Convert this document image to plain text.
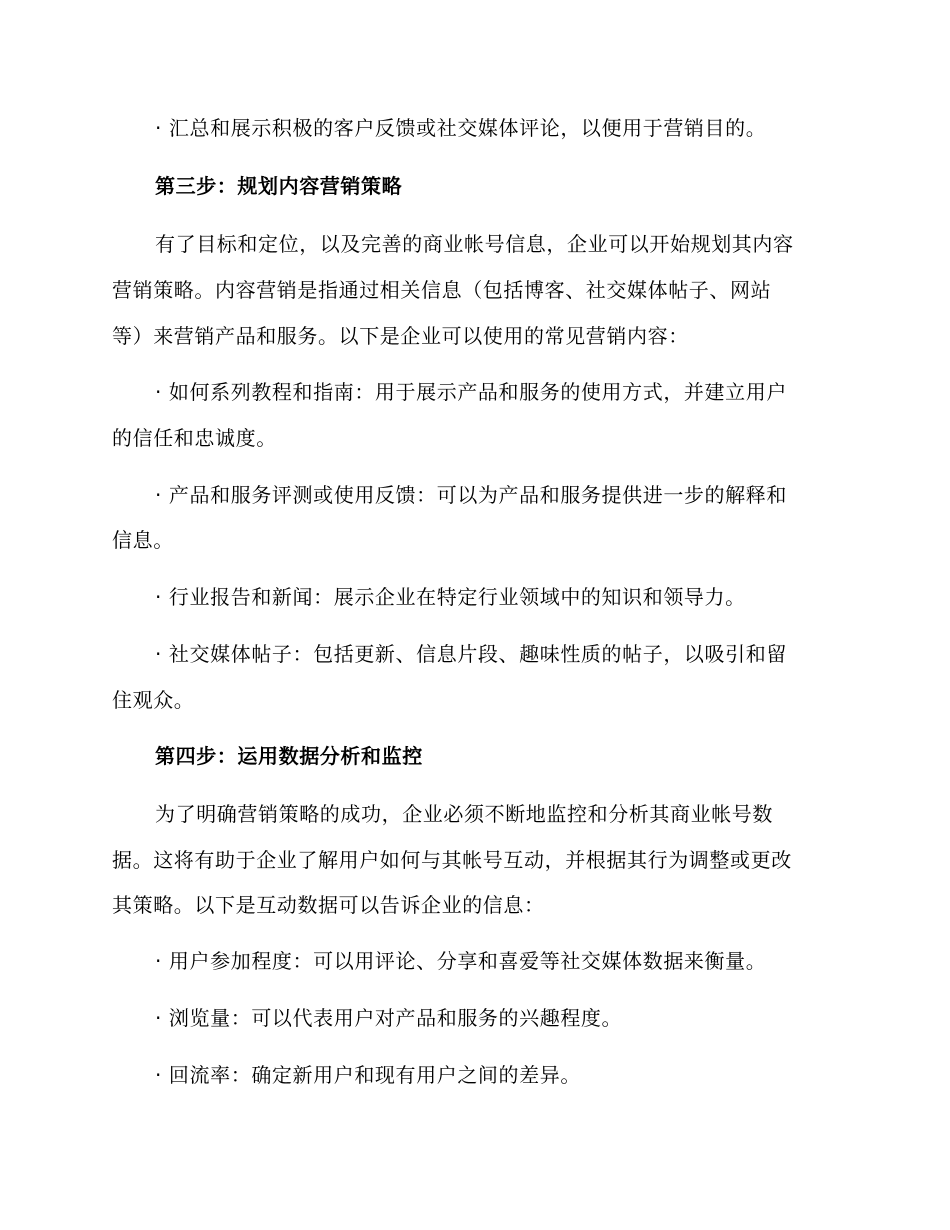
· 汇总和展示积极的客户反馈或社交媒体评论，以便用于营销目的。
第三步：规划内容营销策略
有了目标和定位，以及完善的商业帐号信息，企业可以开始规划其内容
营销策略。内容营销是指通过相关信息（包括博客、社交媒体帖子、网站
等）来营销产品和服务。以下是企业可以使用的常见营销内容：
· 如何系列教程和指南：用于展示产品和服务的使用方式，并建立用户
的信任和忠诚度。
· 产品和服务评测或使用反馈：可以为产品和服务提供进一步的解释和
信息。
· 行业报告和新闻：展示企业在特定行业领域中的知识和领导力。
· 社交媒体帖子：包括更新、信息片段、趣味性质的帖子，以吸引和留
住观众。
第四步：运用数据分析和监控
为了明确营销策略的成功，企业必须不断地监控和分析其商业帐号数
据。这将有助于企业了解用户如何与其帐号互动，并根据其行为调整或更改
其策略。以下是互动数据可以告诉企业的信息：
· 用户参加程度：可以用评论、分享和喜爱等社交媒体数据来衡量。
· 浏览量：可以代表用户对产品和服务的兴趣程度。
· 回流率：确定新用户和现有用户之间的差异。
